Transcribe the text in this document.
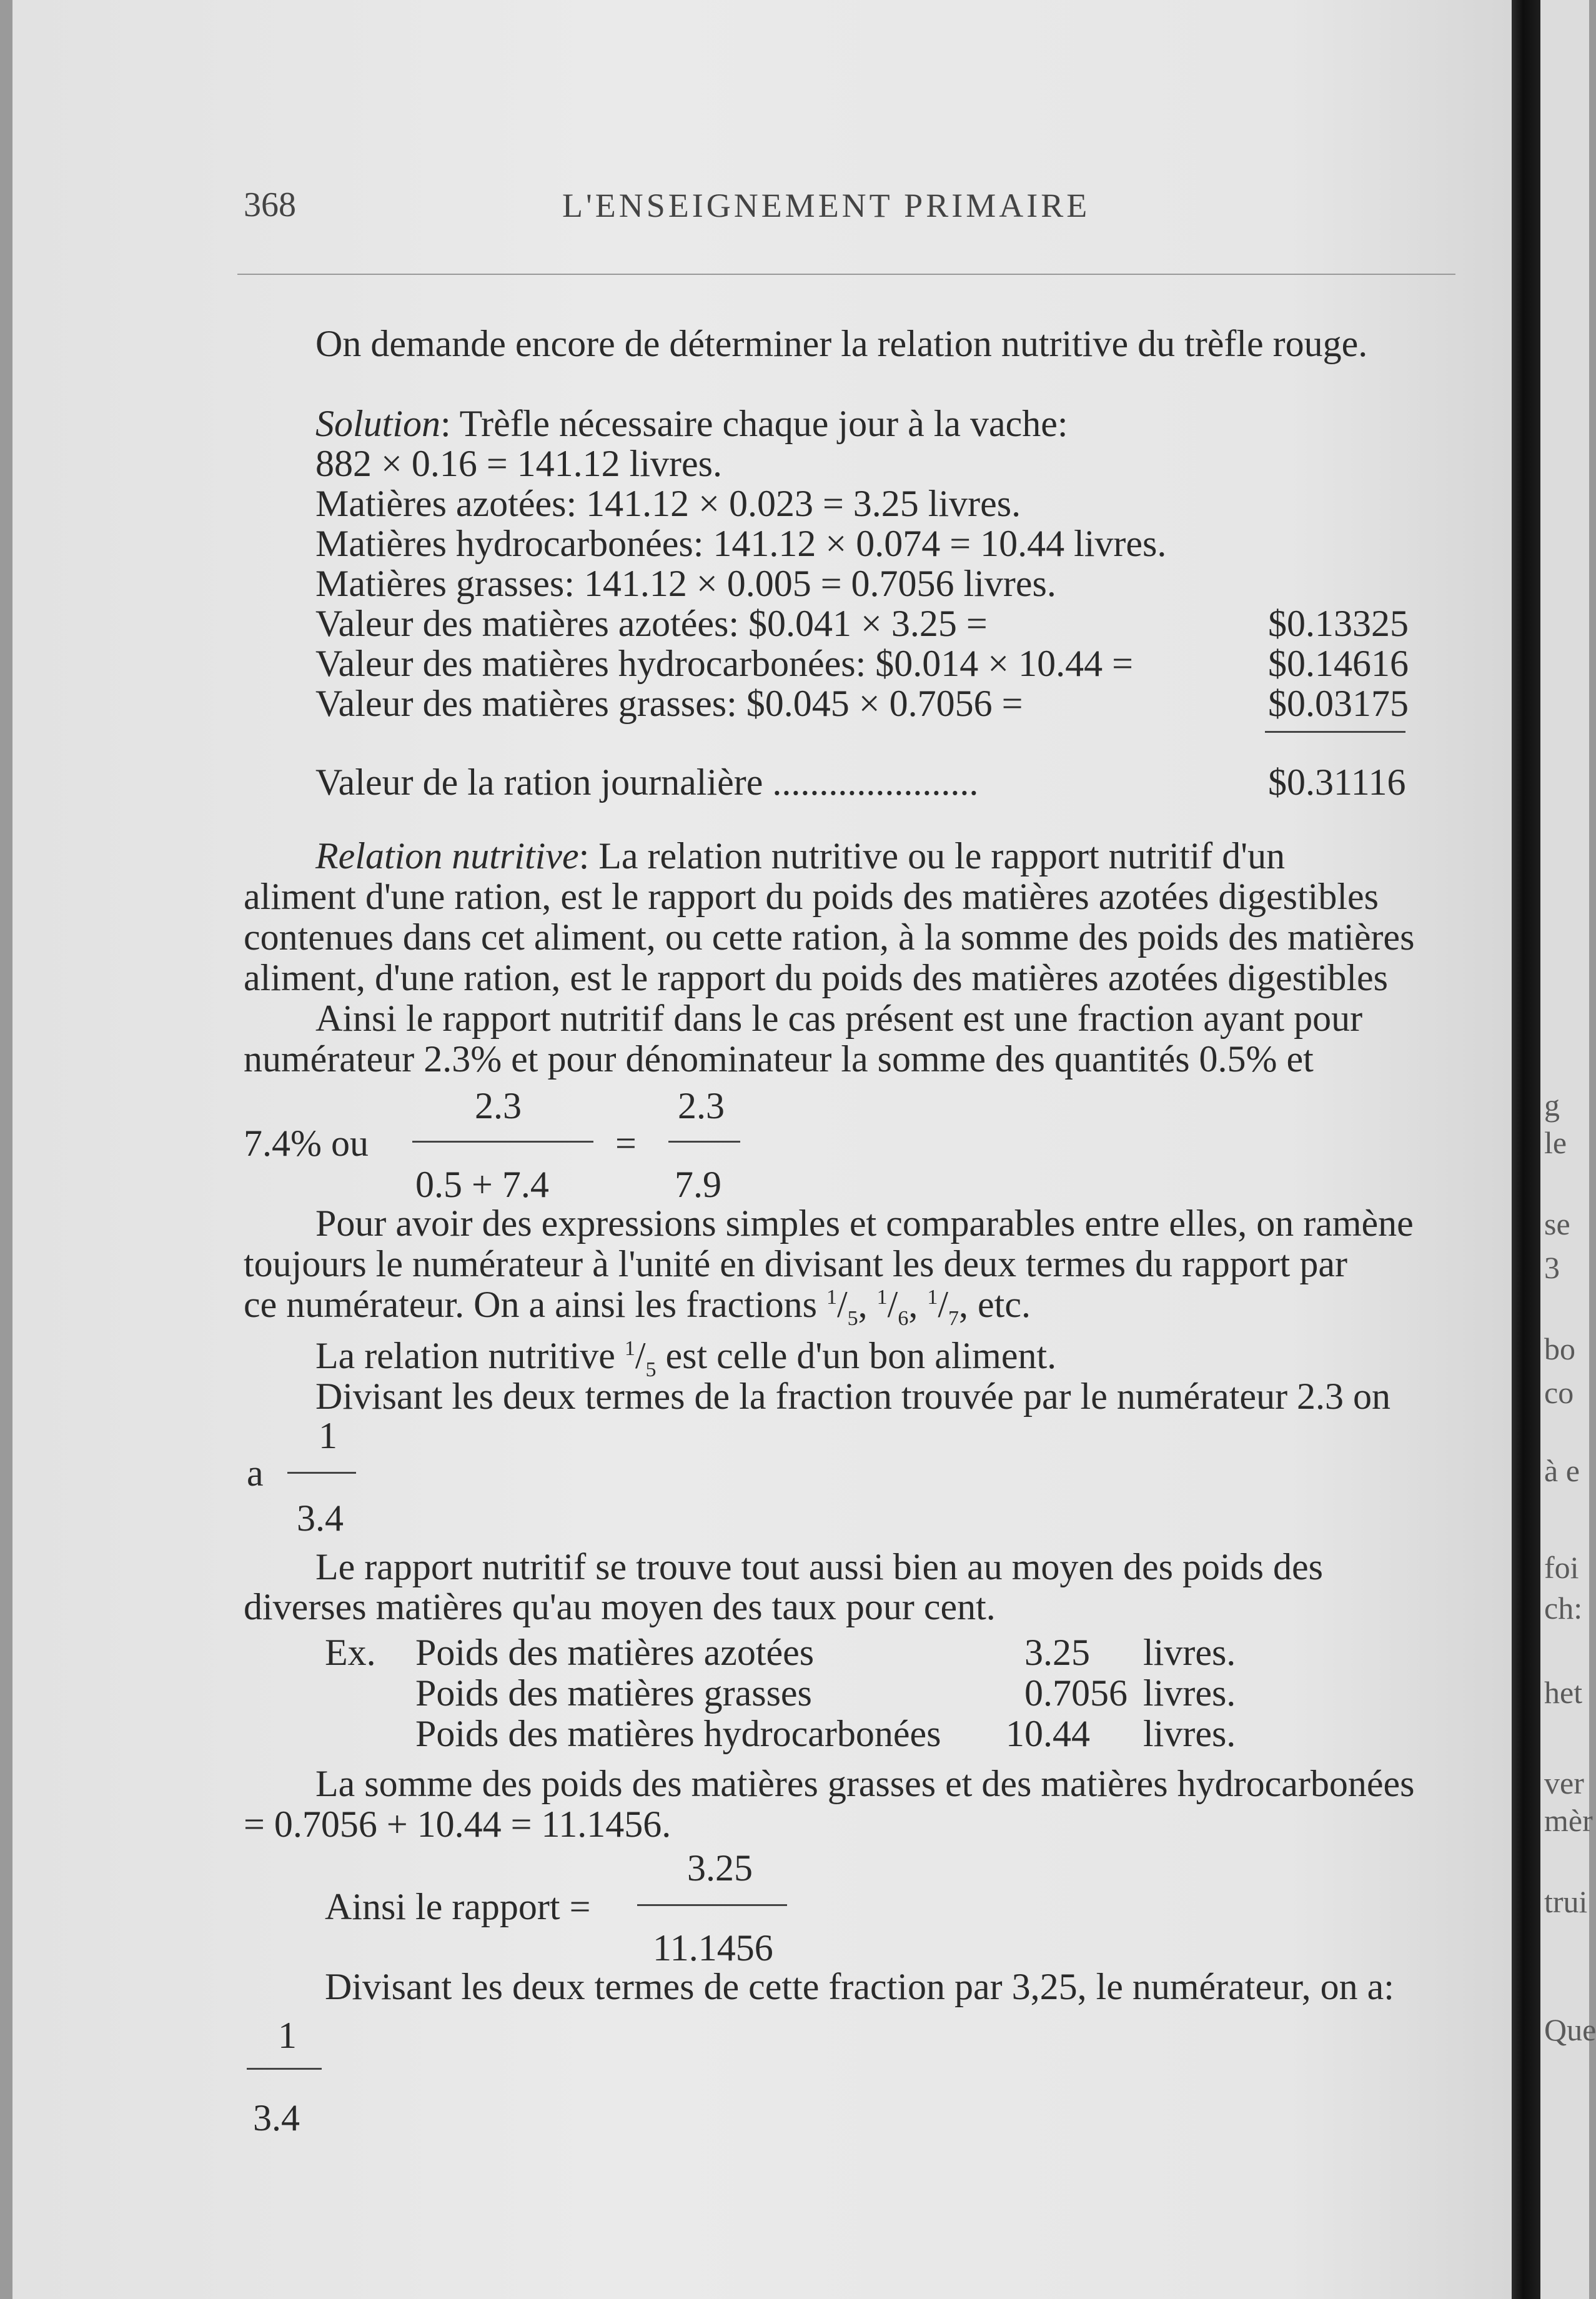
368	L'ENSEIGNEMENT PRIMAIRE
On demande encore de déterminer la relation nutritive du trèfle rouge.
Solution: Trèfle nécessaire chaque jour à la vache:
882 × 0.16 = 141.12 livres.
Matières azotées: 141.12 × 0.023 = 3.25 livres.
Matières hydrocarbonées: 141.12 × 0.074 = 10.44 livres.
Matières grasses: 141.12 × 0.005 = 0.7056 livres.
Valeur des matières azotées: $0.041 × 3.25 =	$0.13325
Valeur des matières hydrocarbonées: $0.014 × 10.44 =	$0.14616
Valeur des matières grasses: $0.045 × 0.7056 =	$0.03175
Valeur de la ration journalière ......................	$0.31116
Relation nutritive: La relation nutritive ou le rapport nutritif d'un
aliment d'une ration, est le rapport du poids des matières azotées digestibles
contenues dans cet aliment, ou cette ration, à la somme des poids des matières
aliment, d'une ration, est le rapport du poids des matières azotées digestibles
Ainsi le rapport nutritif dans le cas présent est une fraction ayant pour
numérateur 2.3% et pour dénominateur la somme des quantités 0.5% et
2.3	2.3
7.4% ou	=
0.5 + 7.4	7.9
Pour avoir des expressions simples et comparables entre elles, on ramène
toujours le numérateur à l'unité en divisant les deux termes du rapport par
ce numérateur. On a ainsi les fractions $^1/_5$, $^1/_6$, $^1/_7$, etc.
La relation nutritive $^1/_5$ est celle d'un bon aliment.
Divisant les deux termes de la fraction trouvée par le numérateur 2.3 on
1
a
3.4
Le rapport nutritif se trouve tout aussi bien au moyen des poids des
diverses matières qu'au moyen des taux pour cent.
Ex. Poids des matières azotées	3.25 livres.
Poids des matières grasses	0.7056 livres.
Poids des matières hydrocarbonées 10.44 livres.
La somme des poids des matières grasses et des matières hydrocarbonées
= 0.7056 + 10.44 = 11.1456.
3.25
Ainsi le rapport =
11.1456
Divisant les deux termes de cette fraction par 3,25, le numérateur, on a:
1
3.4
g
le
se
3
bo
co
à e
foi
ch:
het
ver
mèr
trui
Que
